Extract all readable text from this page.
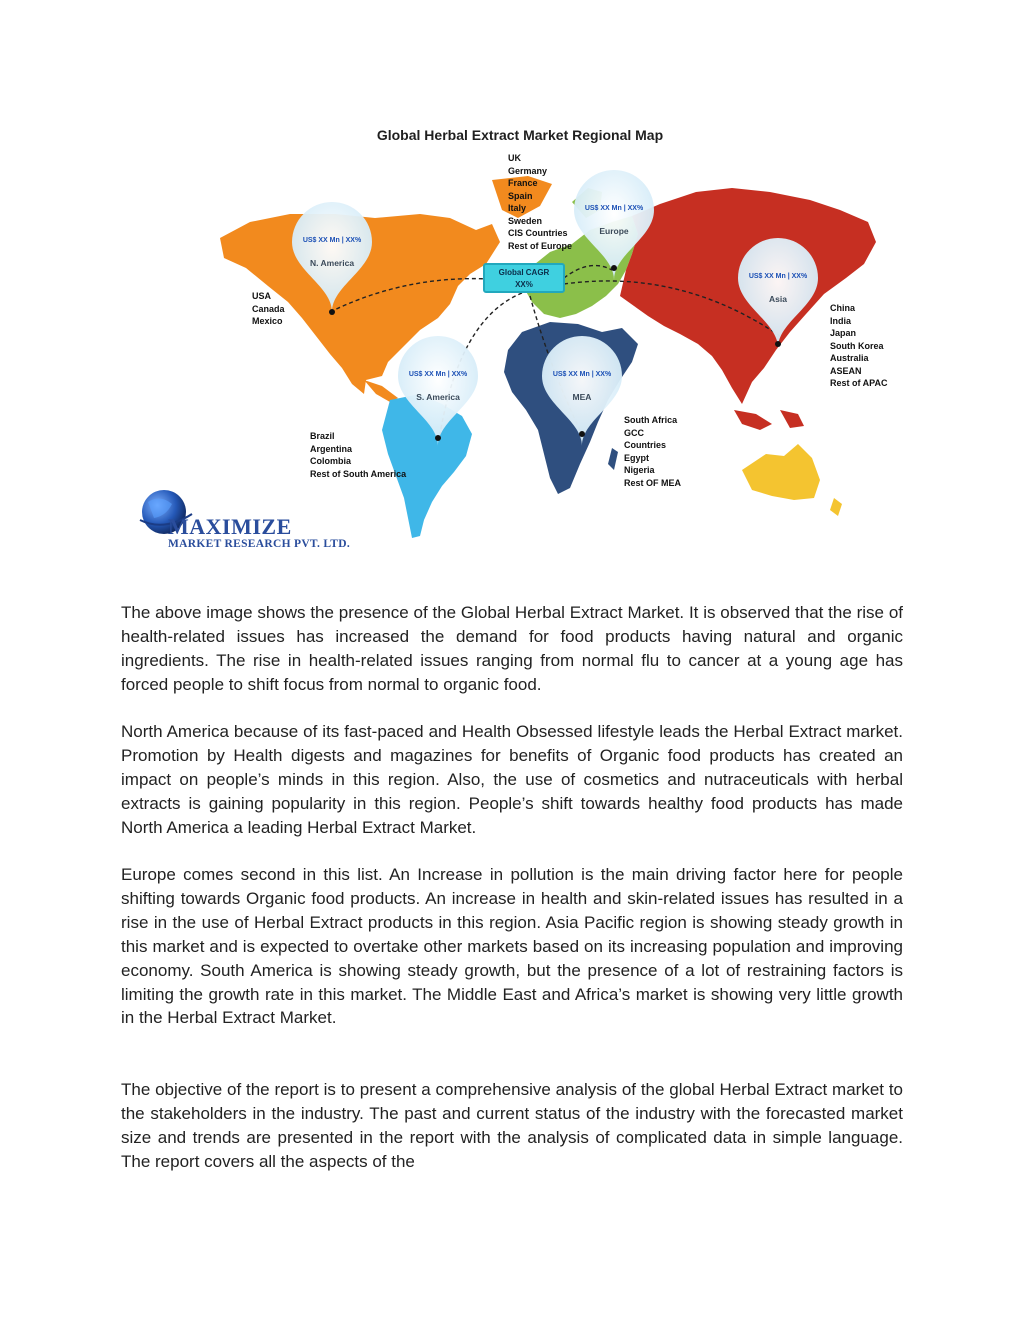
Global Herbal Extract Market Regional Map
Global CAGR
XX%
US$ XX Mn | XX%
N. America
US$ XX Mn | XX%
Europe
US$ XX Mn | XX%
Asia
US$ XX Mn | XX%
S. America
US$ XX Mn | XX%
MEA
USA
Canada
Mexico
UK
Germany
France
Spain
Italy
Sweden
CIS Countries
Rest of Europe
China
India
Japan
South Korea
Australia
ASEAN
Rest of APAC
Brazil
Argentina
Colombia
Rest of South America
South Africa
GCC
Countries
Egypt
Nigeria
Rest OF MEA
MAXIMIZE
MARKET RESEARCH PVT. LTD.

The above image shows the presence of the Global Herbal Extract Market. It is observed that the rise of health-related issues has increased the demand for food products having natural and organic ingredients. The rise in health-related issues ranging from normal flu to cancer at a young age has forced people to shift focus from normal to organic food.

North America because of its fast-paced and Health Obsessed lifestyle leads the Herbal Extract market. Promotion by Health digests and magazines for benefits of Organic food products has created an impact on people’s minds in this region. Also, the use of cosmetics and nutraceuticals with herbal extracts is gaining popularity in this region. People’s shift towards healthy food products has made North America a leading Herbal Extract Market.

Europe comes second in this list. An Increase in pollution is the main driving factor here for people shifting towards Organic food products. An increase in health and skin-related issues has resulted in a rise in the use of Herbal Extract products in this region. Asia Pacific region is showing steady growth in this market and is expected to overtake other markets based on its increasing population and improving economy. South America is showing steady growth, but the presence of a lot of restraining factors is limiting the growth rate in this market. The Middle East and Africa’s market is showing very little growth in the Herbal Extract Market.

The objective of the report is to present a comprehensive analysis of the global Herbal Extract market to the stakeholders in the industry. The past and current status of the industry with the forecasted market size and trends are presented in the report with the analysis of complicated data in simple language. The report covers all the aspects of the
